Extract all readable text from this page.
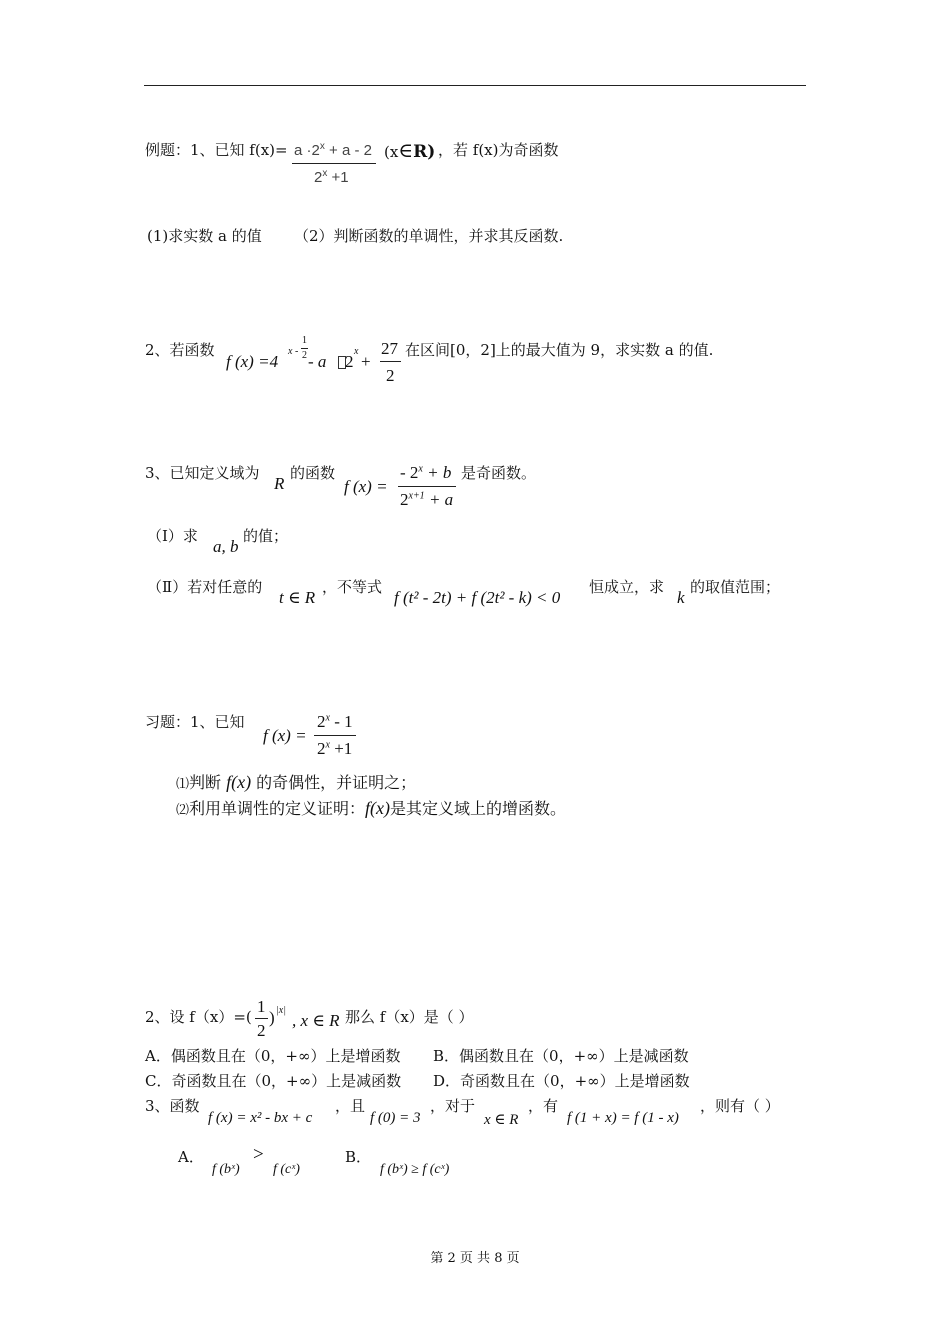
例题： 1、已知 $f(x)= a \cdot 2^x + a - 2$
$2^x +1$
(x∈R) ，若 f(x)为奇函数
(1)求实数 a 的值 （2）判断函数的单调性，并求其反函数.
2、若函数
f (x) =4
x -
1
2 - a 2
x
+
27
2
在区间[0，2]上的最大值为 9，求实数 a 的值.
3、已知定义域为
R
的函数
f (x) =
- $2^x + b$
$2^{x+1} + a$
是奇函数。
（Ⅰ）求
a, b
的值；
（Ⅱ）若对任意的
t ∈ R
，不等式
f (t² - 2t) + f (2t² - k) < 0
恒成立，求
k
的取值范围；
习题： 1、已知
f (x) =
$2^x - 1$
$2^x +1$
⑴判断 f(x) 的奇偶性，并证明之；
⑵利用单调性的定义证明：f(x)是其定义域上的增函数。
2、设 f（x）=(
1
2
) |x|
, x ∈ R 那么 f（x）是（ ）
A．偶函数且在（0，+∞）上是增函数 B．偶函数且在（0，+∞）上是减函数
C．奇函数且在（0，+∞）上是减函数 D．奇函数且在（0，+∞）上是增函数
3、函数
f (x) = x² - bx + c
，且
f (0) = 3
，对于
x ∈ R
，有
f (1 + x) = f (1 - x)
，则有（ ）
A．
f (bˣ)
>
f (cˣ)
B．
f (bˣ) ≥ f (cˣ)
第 2 页 共 8 页
